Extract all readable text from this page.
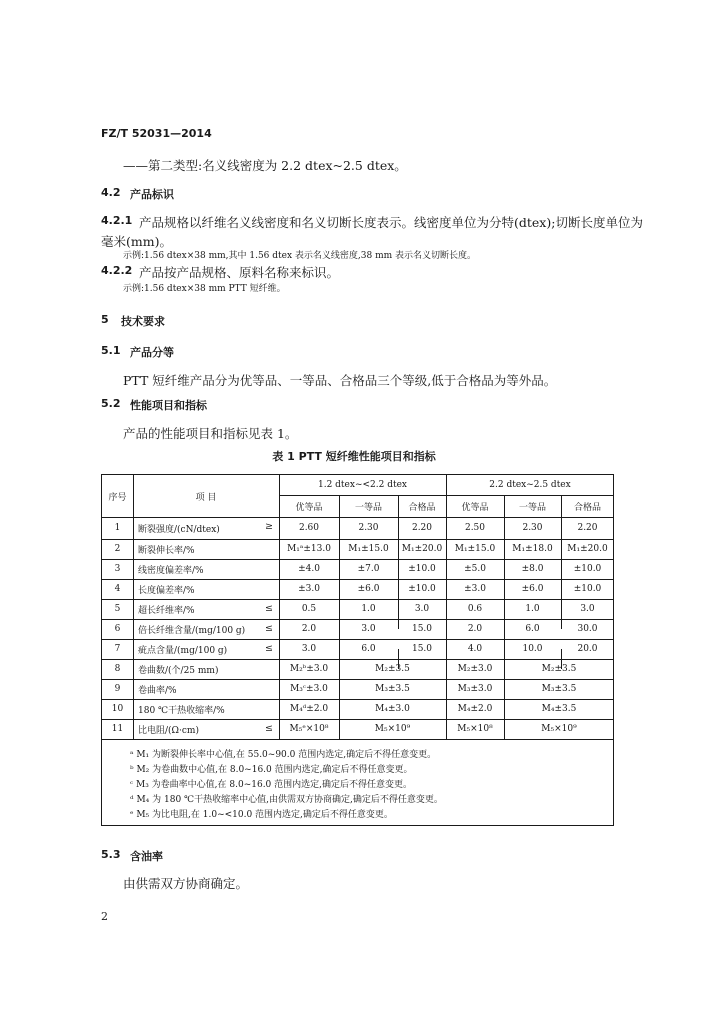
FZ/T 52031—2014
——第二类型:名义线密度为 2.2 dtex~2.5 dtex。
4.2 产品标识
4.2.1 产品规格以纤维名义线密度和名义切断长度表示。线密度单位为分特(dtex);切断长度单位为
毫米(mm)。
示例:1.56 dtex×38 mm,其中 1.56 dtex 表示名义线密度,38 mm 表示名义切断长度。
4.2.2 产品按产品规格、原料名称来标识。
示例:1.56 dtex×38 mm PTT 短纤维。
5 技术要求
5.1 产品分等
PTT 短纤维产品分为优等品、一等品、合格品三个等级,低于合格品为等外品。
5.2 性能项目和指标
产品的性能项目和指标见表 1。
表 1 PTT 短纤维性能项目和指标
序号	项 目
1.2 dtex~<2.2 dtex	2.2 dtex~2.5 dtex
优等品	一等品	合格品	优等品	一等品	合格品
1	断裂强度/(cN/dtex)	≥	2.60	2.30	2.20	2.50	2.30	2.20
2	断裂伸长率/%	M₁ᵃ±13.0	M₁±15.0	M₁±20.0	M₁±15.0	M₁±18.0	M₁±20.0
3	线密度偏差率/%	±4.0	±7.0	±10.0	±5.0	±8.0	±10.0
4	长度偏差率/%	±3.0	±6.0	±10.0	±3.0	±6.0	±10.0
5	超长纤维率/%	≤	0.5	1.0	3.0	0.6	1.0	3.0
6	倍长纤维含量/(mg/100 g)	≤	2.0	3.0	15.0	2.0	6.0	30.0
7	疵点含量/(mg/100 g)	≤	3.0	6.0	15.0	4.0	10.0	20.0
8	卷曲数/(个/25 mm)	M₂ᵇ±3.0	M₂±3.5	M₂±3.0	M₂±3.5
9	卷曲率/%	M₃ᶜ±3.0	M₃±3.5	M₃±3.0	M₃±3.5
10	180 ℃干热收缩率/%	M₄ᵈ±2.0	M₄±3.0	M₄±2.0	M₄±3.5
11	比电阻/(Ω·cm)	≤	M₅ᵉ×10⁸	M₅×10⁹	M₅×10⁸	M₅×10⁹
ᵃ M₁ 为断裂伸长率中心值,在 55.0~90.0 范围内选定,确定后不得任意变更。
ᵇ M₂ 为卷曲数中心值,在 8.0~16.0 范围内选定,确定后不得任意变更。
ᶜ M₃ 为卷曲率中心值,在 8.0~16.0 范围内选定,确定后不得任意变更。
ᵈ M₄ 为 180 ℃干热收缩率中心值,由供需双方协商确定,确定后不得任意变更。
ᵉ M₅ 为比电阻,在 1.0~<10.0 范围内选定,确定后不得任意变更。
5.3 含油率
由供需双方协商确定。
2
